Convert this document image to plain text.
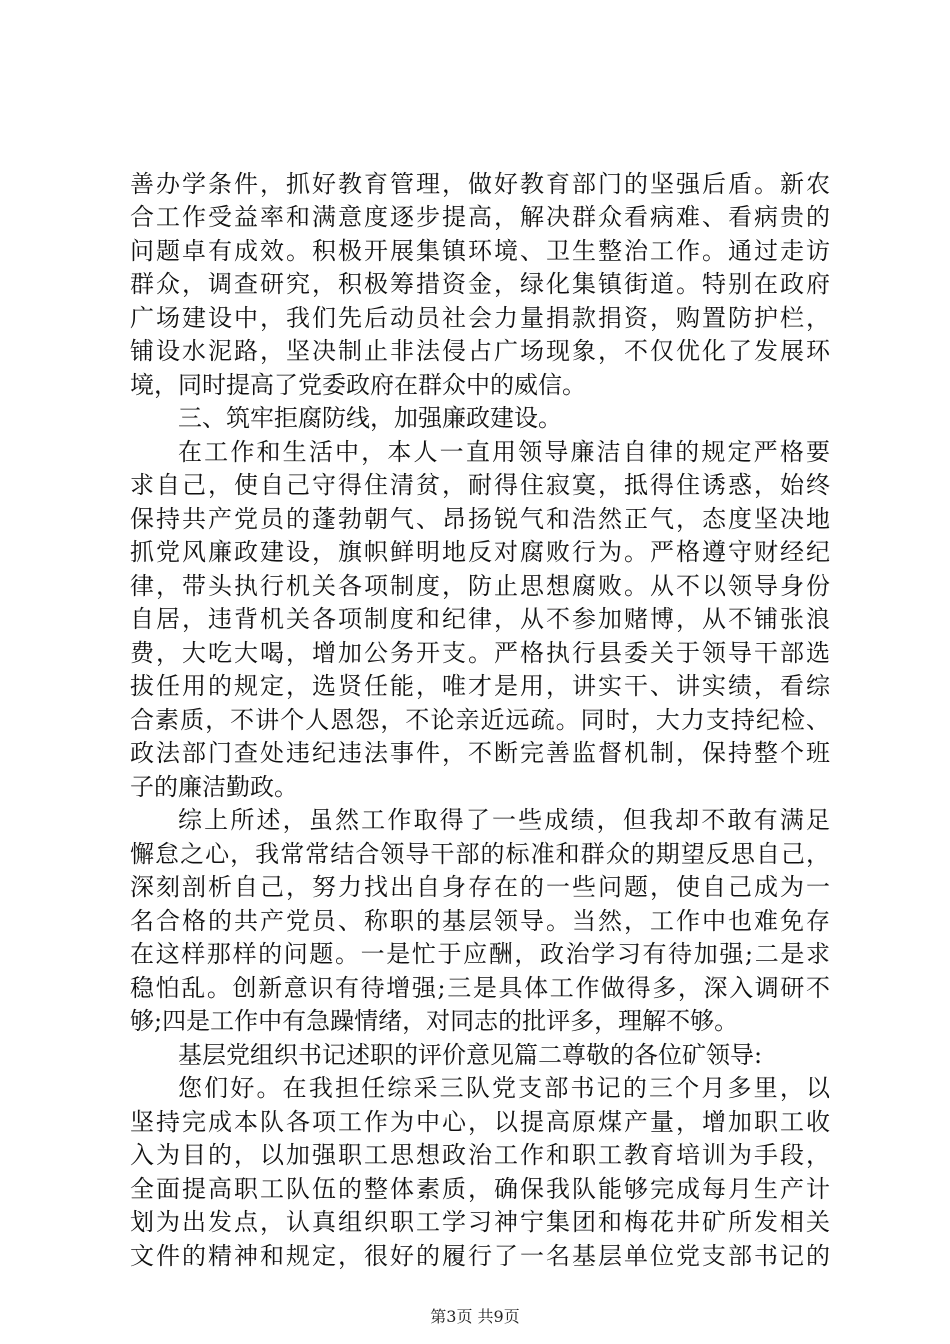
善办学条件，抓好教育管理，做好教育部门的坚强后盾。新农
合工作受益率和满意度逐步提高，解决群众看病难、看病贵的
问题卓有成效。积极开展集镇环境、卫生整治工作。通过走访
群众，调查研究，积极筹措资金，绿化集镇街道。特别在政府
广场建设中，我们先后动员社会力量捐款捐资，购置防护栏，
铺设水泥路，坚决制止非法侵占广场现象，不仅优化了发展环
境，同时提高了党委政府在群众中的威信。
三、筑牢拒腐防线，加强廉政建设。
在工作和生活中，本人一直用领导廉洁自律的规定严格要
求自己，使自己守得住清贫，耐得住寂寞，抵得住诱惑，始终
保持共产党员的蓬勃朝气、昂扬锐气和浩然正气，态度坚决地
抓党风廉政建设，旗帜鲜明地反对腐败行为。严格遵守财经纪
律，带头执行机关各项制度，防止思想腐败。从不以领导身份
自居，违背机关各项制度和纪律，从不参加赌博，从不铺张浪
费，大吃大喝，增加公务开支。严格执行县委关于领导干部选
拔任用的规定，选贤任能，唯才是用，讲实干、讲实绩，看综
合素质，不讲个人恩怨，不论亲近远疏。同时，大力支持纪检、
政法部门查处违纪违法事件，不断完善监督机制，保持整个班
子的廉洁勤政。
综上所述，虽然工作取得了一些成绩，但我却不敢有满足
懈怠之心，我常常结合领导干部的标准和群众的期望反思自己，
深刻剖析自己，努力找出自身存在的一些问题，使自己成为一
名合格的共产党员、称职的基层领导。当然，工作中也难免存
在这样那样的问题。一是忙于应酬，政治学习有待加强;二是求
稳怕乱。创新意识有待增强;三是具体工作做得多，深入调研不
够;四是工作中有急躁情绪，对同志的批评多，理解不够。
基层党组织书记述职的评价意见篇二尊敬的各位矿领导:
您们好。在我担任综采三队党支部书记的三个月多里，以
坚持完成本队各项工作为中心，以提高原煤产量，增加职工收
入为目的，以加强职工思想政治工作和职工教育培训为手段，
全面提高职工队伍的整体素质，确保我队能够完成每月生产计
划为出发点，认真组织职工学习神宁集团和梅花井矿所发相关
文件的精神和规定，很好的履行了一名基层单位党支部书记的
第3页 共9页
